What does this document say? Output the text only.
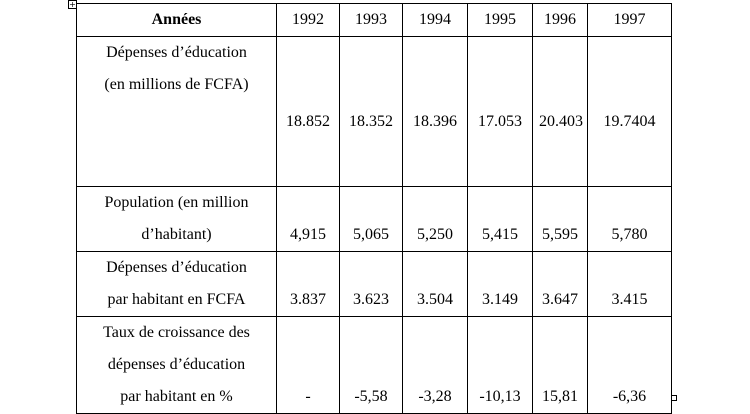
+
Années	1992	1993	1994	1995	1996	1997

Dépenses d’éducation
(en millions de FCFA)	18.852	18.352	18.396	17.053	20.403	19.7404

Population (en million
d’habitant)	4,915	5,065	5,250	5,415	5,595	5,780

Dépenses d’éducation
par habitant en FCFA	3.837	3.623	3.504	3.149	3.647	3.415

Taux de croissance des
dépenses d’éducation
par habitant en %	-	-5,58	-3,28	-10,13	15,81	-6,36
